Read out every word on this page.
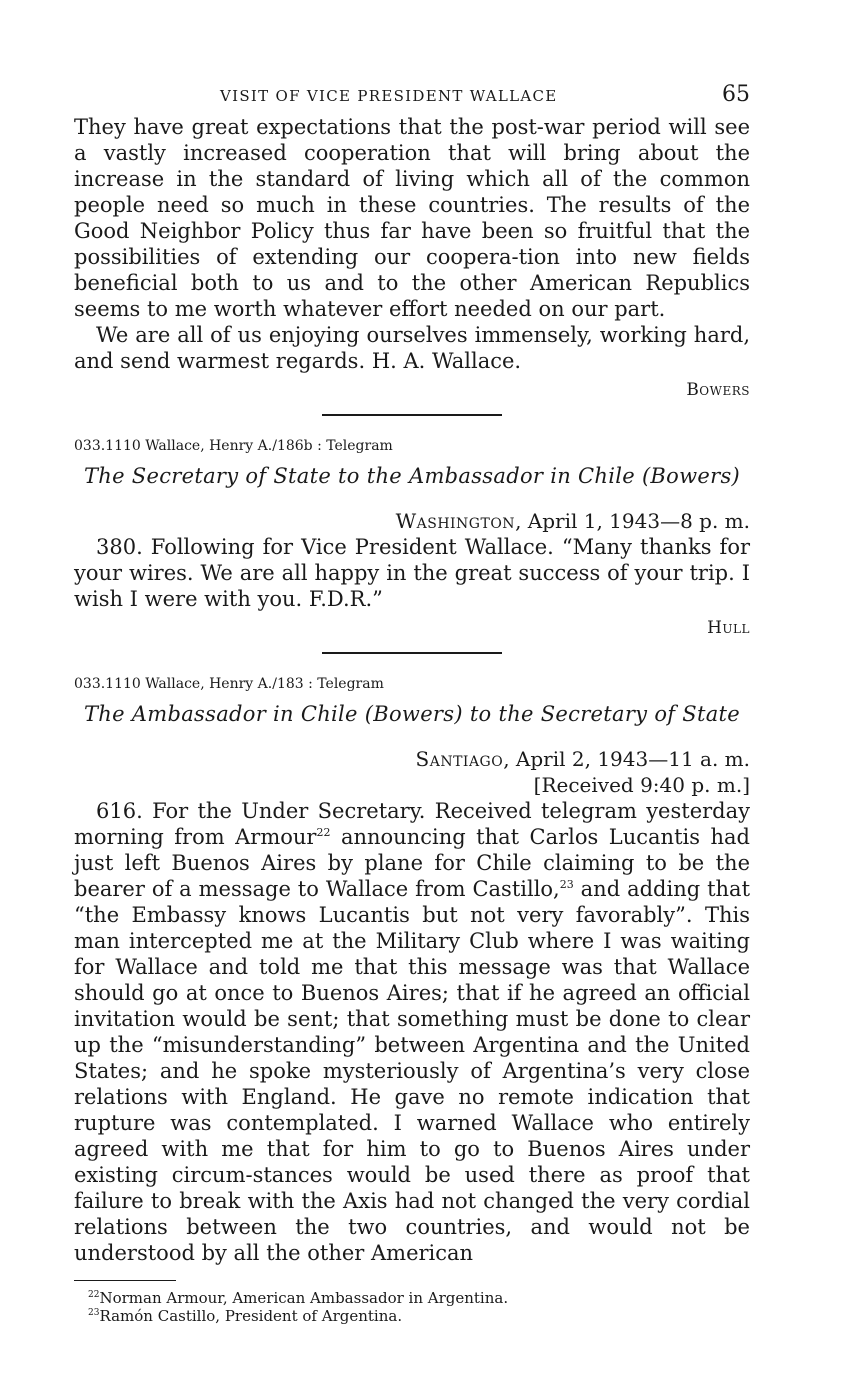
VISIT OF VICE PRESIDENT WALLACE	65

They have great expectations that the post-war period will see a vastly increased cooperation that will bring about the increase in the standard of living which all of the common people need so much in these countries. The results of the Good Neighbor Policy thus far have been so fruitful that the possibilities of extending our coopera-tion into new fields beneficial both to us and to the other American Republics seems to me worth whatever effort needed on our part.

We are all of us enjoying ourselves immensely, working hard, and send warmest regards. H. A. Wallace.

Bowers

033.1110 Wallace, Henry A./186b : Telegram

The Secretary of State to the Ambassador in Chile (Bowers)

Washington, April 1, 1943—8 p. m.

380. Following for Vice President Wallace. “Many thanks for your wires. We are all happy in the great success of your trip. I wish I were with you. F.D.R.”

Hull

033.1110 Wallace, Henry A./183 : Telegram

The Ambassador in Chile (Bowers) to the Secretary of State

Santiago, April 2, 1943—11 a. m.

[Received 9:40 p. m.]

616. For the Under Secretary. Received telegram yesterday morning from Armour$^{22}$ announcing that Carlos Lucantis had just left Buenos Aires by plane for Chile claiming to be the bearer of a message to Wallace from Castillo,$^{23}$ and adding that “the Embassy knows Lucantis but not very favorably”. This man intercepted me at the Military Club where I was waiting for Wallace and told me that this message was that Wallace should go at once to Buenos Aires; that if he agreed an official invitation would be sent; that something must be done to clear up the “misunderstanding” between Argentina and the United States; and he spoke mysteriously of Argentina’s very close relations with England. He gave no remote indication that rupture was contemplated. I warned Wallace who entirely agreed with me that for him to go to Buenos Aires under existing circum-stances would be used there as proof that failure to break with the Axis had not changed the very cordial relations between the two countries, and would not be understood by all the other American

$^{22}$Norman Armour, American Ambassador in Argentina.

$^{23}$Ramón Castillo, President of Argentina.
